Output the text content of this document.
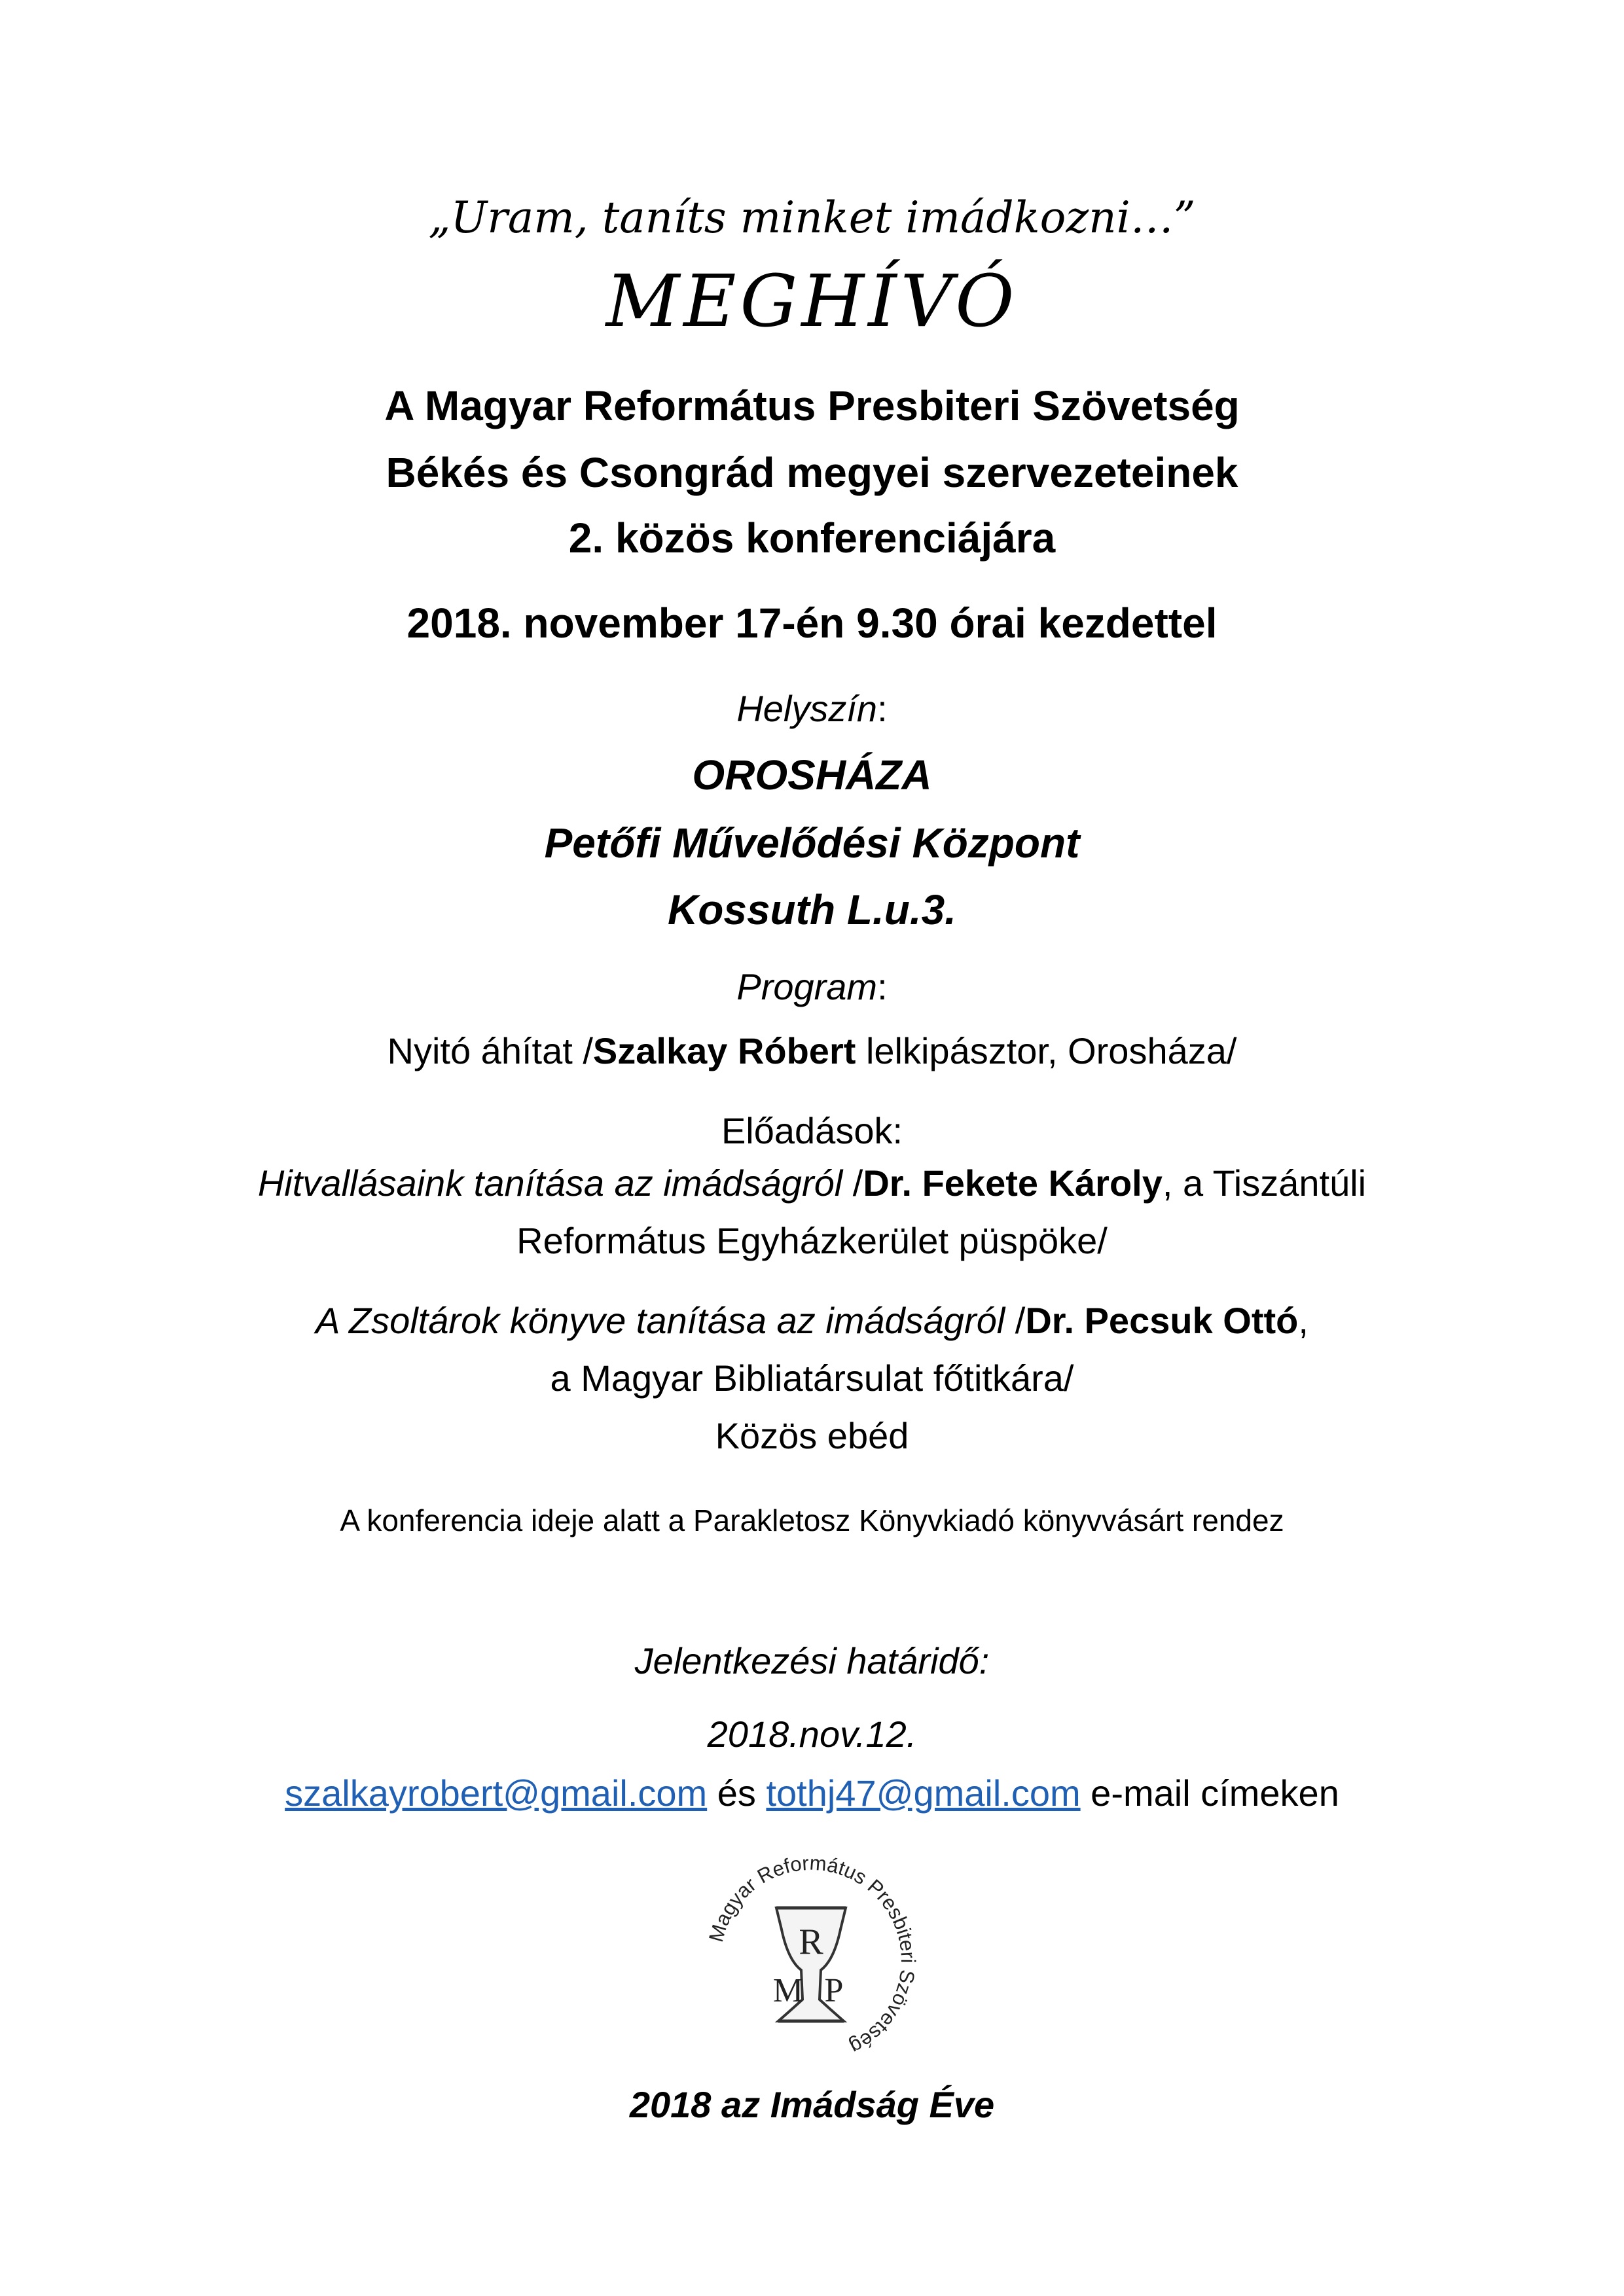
„Uram, taníts minket imádkozni…”
MEGHÍVÓ
A Magyar Református Presbiteri Szövetség
Békés és Csongrád megyei szervezeteinek
2. közös konferenciájára
2018. november 17-én 9.30 órai kezdettel
Helyszín:
OROSHÁZA
Petőfi Művelődési Központ
Kossuth L.u.3.
Program:
Nyitó áhítat /Szalkay Róbert lelkipásztor, Orosháza/
Előadások:
Hitvallásaink tanítása az imádságról /Dr. Fekete Károly, a Tiszántúli
Református Egyházkerület püspöke/
A Zsoltárok könyve tanítása az imádságról /Dr. Pecsuk Ottó,
a Magyar Bibliatársulat főtitkára/
Közös ebéd
A konferencia ideje alatt a Parakletosz Könyvkiadó könyvvásárt rendez
Jelentkezési határidő:
2018.nov.12.
szalkayrobert@gmail.com és tothj47@gmail.com e-mail címeken
Magyar Református Presbiteri Szövetség
R
M P
2018 az Imádság Éve
